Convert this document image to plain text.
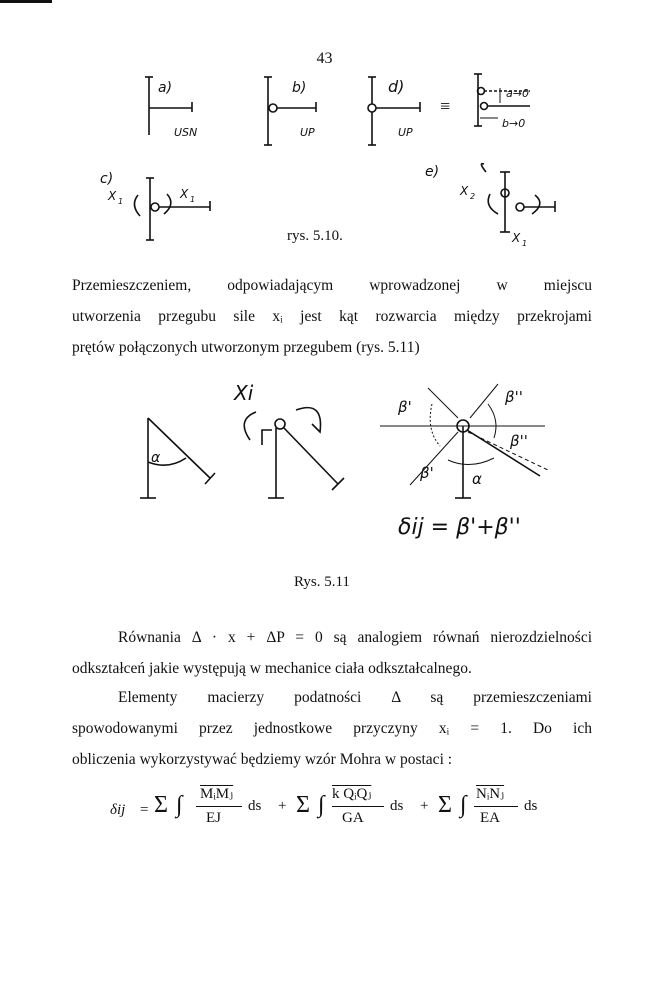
43
a)
USN
b)
UP
d)
UP
≡
a→0
b→0
c)
X 1
X 1
e)
X 2
X 1
rys. 5.10.
Przemieszczeniem, odpowiadającym wprowadzonej w miejscu
utworzenia przegubu sile xᵢ jest kąt rozwarcia między przekrojami
prętów połączonych utworzonym przegubem (rys. 5.11)
α
Xi
β'
β''
β''
β'	α
δij = β'+β''
Rys. 5.11
Równania Δ · x + ΔP = 0 są analogiem równań nierozdzielności
odkształceń jakie występują w mechanice ciała odkształcalnego.
Elementy macierzy podatności Δ są przemieszczeniami
spowodowanymi przez jednostkowe przyczyny xᵢ = 1. Do ich
obliczenia wykorzystywać będziemy wzór Mohra w postaci :
δij = Σ ∫ MᵢMⱼ
EJ
ds + Σ ∫ k QᵢQⱼ
GA
ds + Σ ∫ NᵢNⱼ
EA
ds
